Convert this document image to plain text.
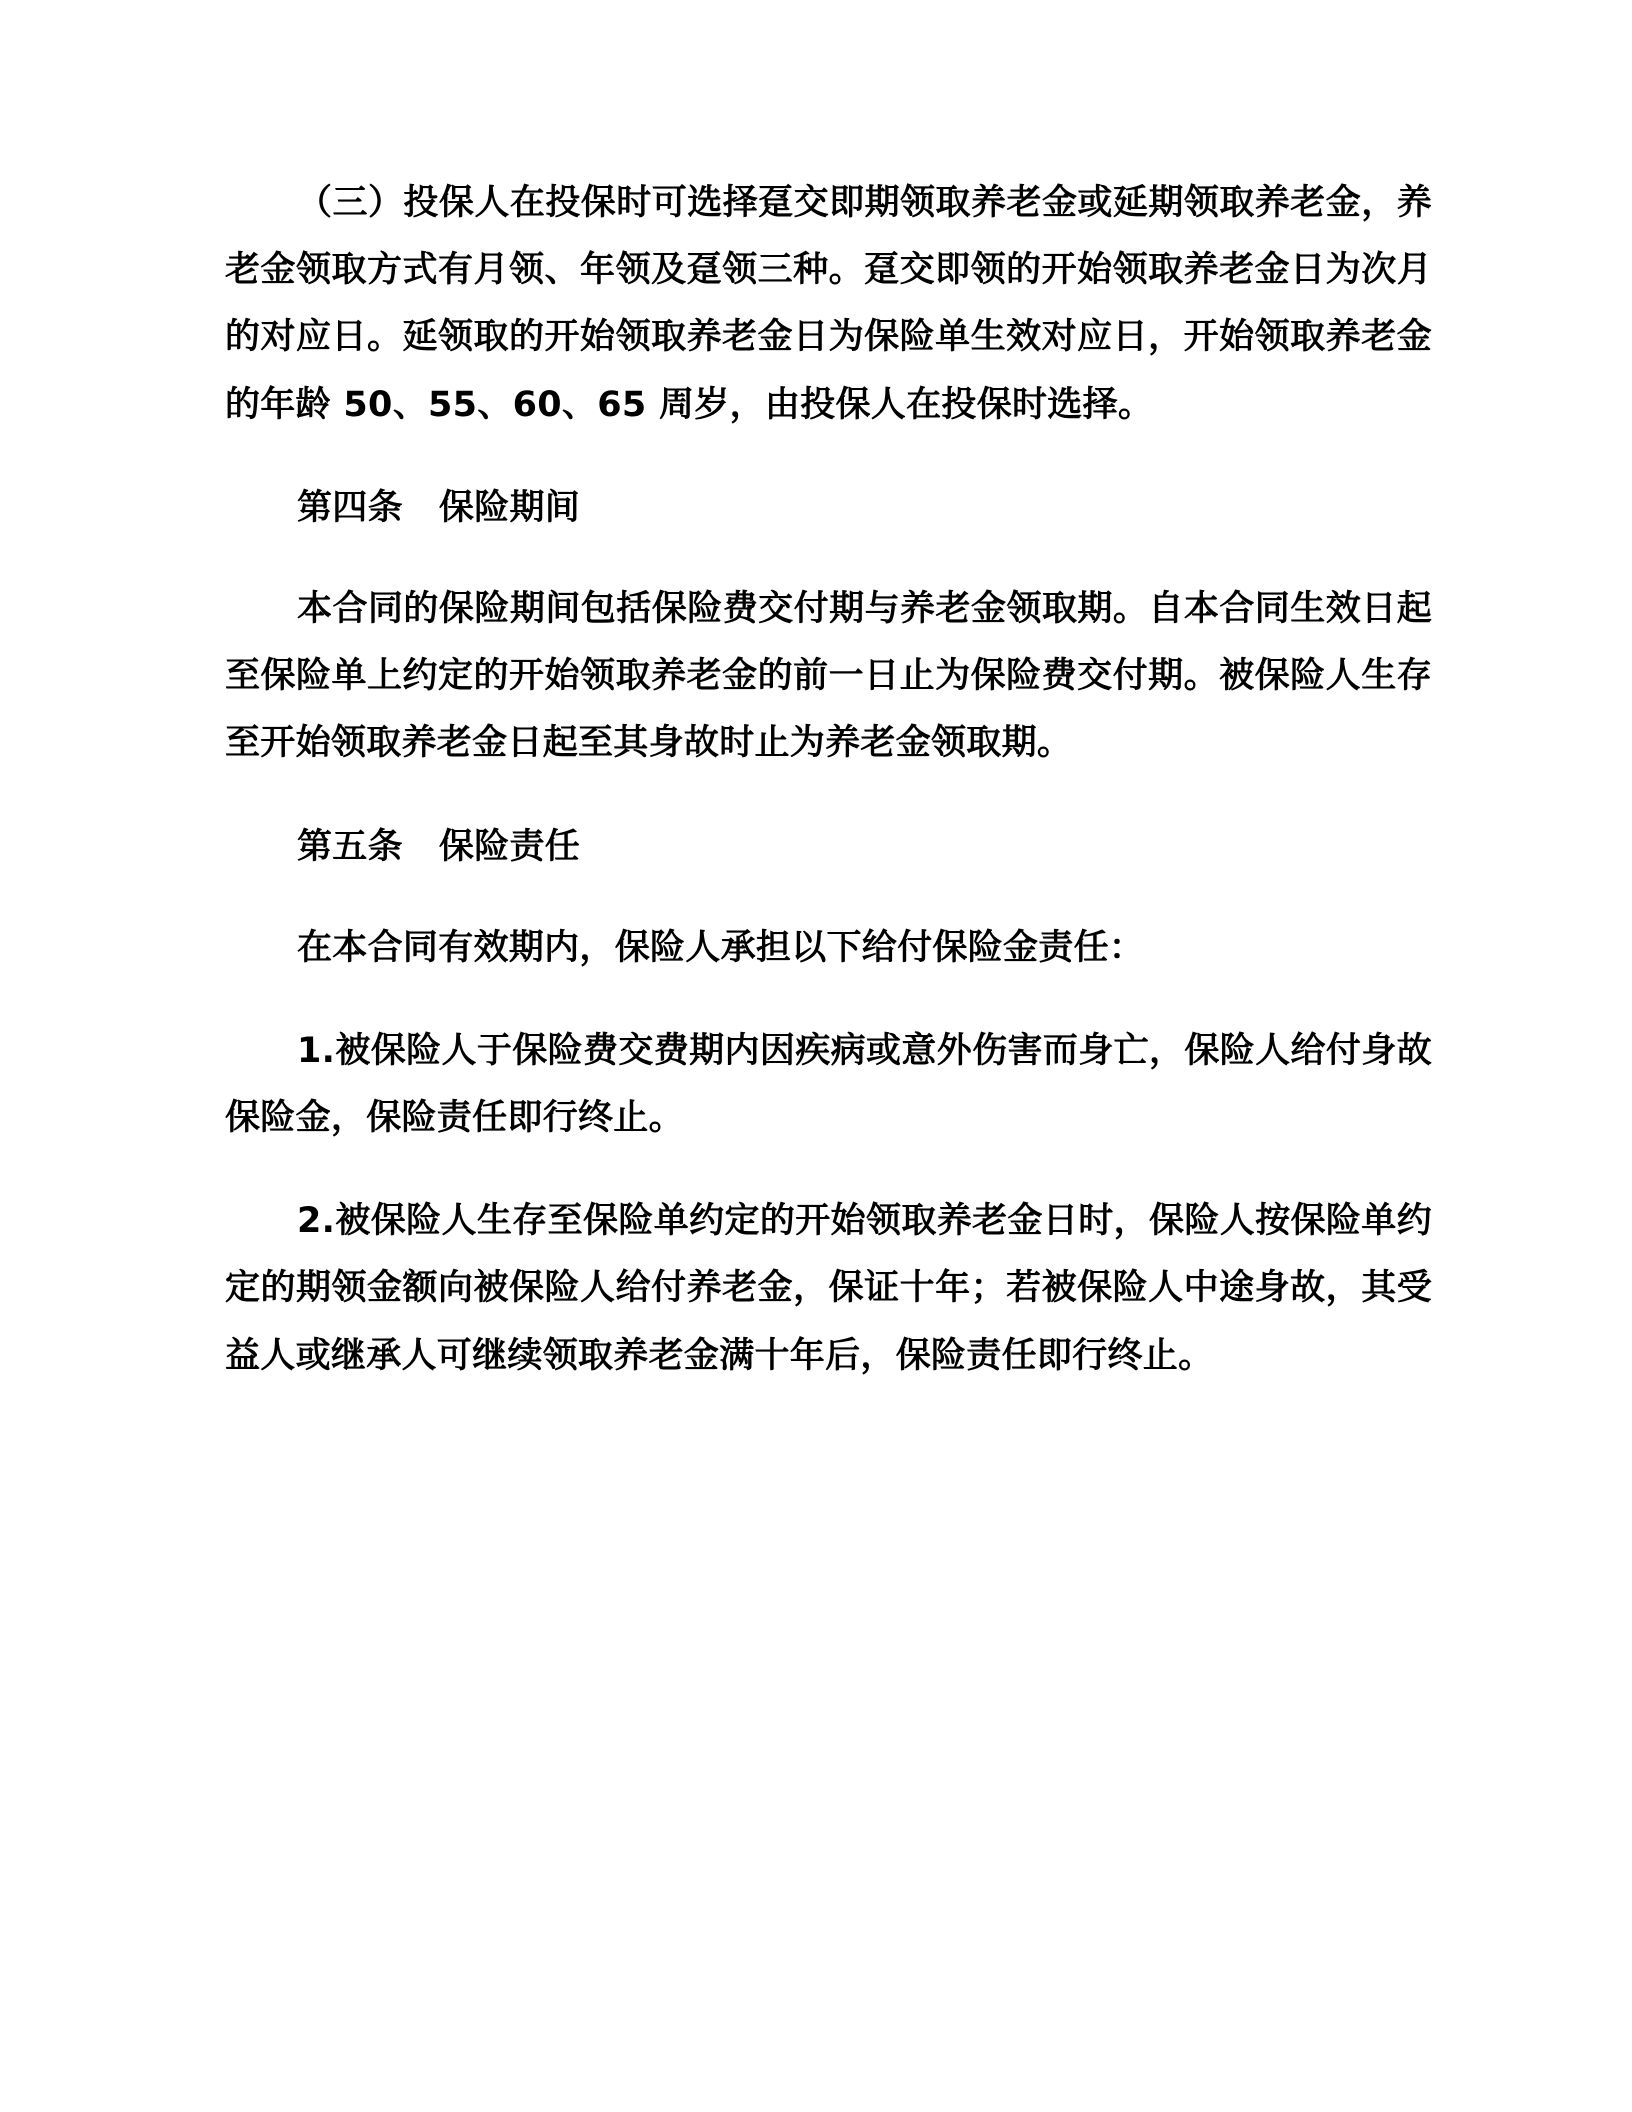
（三）投保人在投保时可选择趸交即期领取养老金或延期领取养老金，养老金领取方式有月领、年领及趸领三种。趸交即领的开始领取养老金日为次月的对应日。延领取的开始领取养老金日为保险单生效对应日，开始领取养老金的年龄 50、55、60、65 周岁，由投保人在投保时选择。

第四条 保险期间

本合同的保险期间包括保险费交付期与养老金领取期。自本合同生效日起至保险单上约定的开始领取养老金的前一日止为保险费交付期。被保险人生存至开始领取养老金日起至其身故时止为养老金领取期。

第五条 保险责任

在本合同有效期内，保险人承担以下给付保险金责任：

1.被保险人于保险费交费期内因疾病或意外伤害而身亡，保险人给付身故保险金，保险责任即行终止。

2.被保险人生存至保险单约定的开始领取养老金日时，保险人按保险单约定的期领金额向被保险人给付养老金，保证十年；若被保险人中途身故，其受益人或继承人可继续领取养老金满十年后，保险责任即行终止。
